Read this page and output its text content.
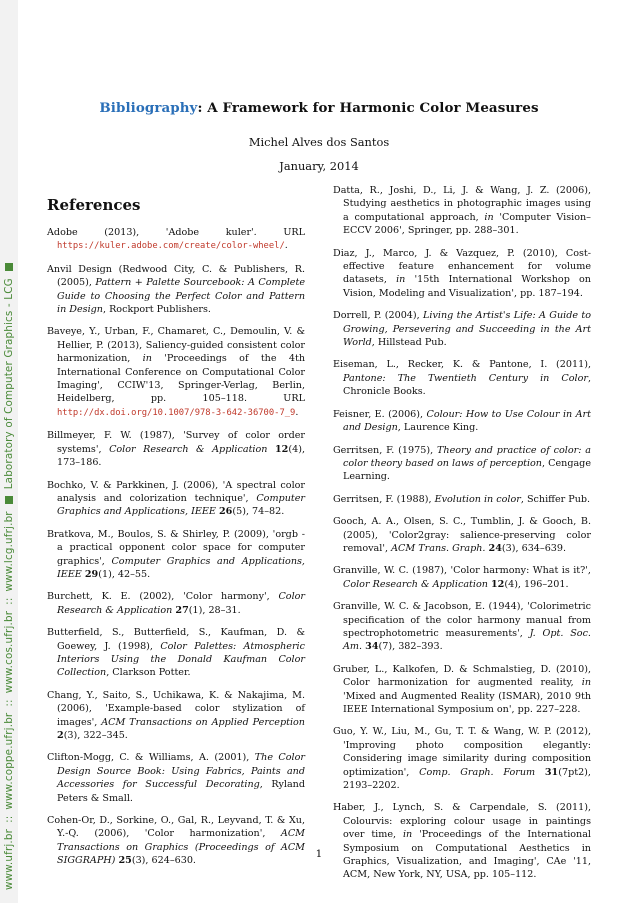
www.ufrj.br
::
www.coppe.ufrj.br
::
www.cos.ufrj.br
::
www.lcg.ufrj.br
Laboratory of Computer Graphics - LCG
Bibliography: A Framework for Harmonic Color Measures
Michel Alves dos Santos
January, 2014
References
Adobe (2013), 'Adobe kuler'. URL https://kuler.adobe.com/create/color-wheel/.
Anvil Design (Redwood City, C. & Publishers, R. (2005), Pattern + Palette Sourcebook: A Complete Guide to Choosing the Perfect Color and Pattern in Design, Rockport Publishers.
Baveye, Y., Urban, F., Chamaret, C., Demoulin, V. & Hellier, P. (2013), Saliency-guided consistent color harmonization, in 'Proceedings of the 4th International Conference on Computational Color Imaging', CCIW'13, Springer-Verlag, Berlin, Heidelberg, pp. 105–118. URL http://dx.doi.org/10.1007/978-3-642-36700-7_9.
Billmeyer, F. W. (1987), 'Survey of color order systems', Color Research & Application 12(4), 173–186.
Bochko, V. & Parkkinen, J. (2006), 'A spectral color analysis and colorization technique', Computer Graphics and Applications, IEEE 26(5), 74–82.
Bratkova, M., Boulos, S. & Shirley, P. (2009), 'orgb - a practical opponent color space for computer graphics', Computer Graphics and Applications, IEEE 29(1), 42–55.
Burchett, K. E. (2002), 'Color harmony', Color Research & Application 27(1), 28–31.
Butterfield, S., Butterfield, S., Kaufman, D. & Goewey, J. (1998), Color Palettes: Atmospheric Interiors Using the Donald Kaufman Color Collection, Clarkson Potter.
Chang, Y., Saito, S., Uchikawa, K. & Nakajima, M. (2006), 'Example-based color stylization of images', ACM Transactions on Applied Perception 2(3), 322–345.
Clifton-Mogg, C. & Williams, A. (2001), The Color Design Source Book: Using Fabrics, Paints and Accessories for Successful Decorating, Ryland Peters & Small.
Cohen-Or, D., Sorkine, O., Gal, R., Leyvand, T. & Xu, Y.-Q. (2006), 'Color harmonization', ACM Transactions on Graphics (Proceedings of ACM SIGGRAPH) 25(3), 624–630.
Datta, R., Joshi, D., Li, J. & Wang, J. Z. (2006), Studying aesthetics in photographic images using a computational approach, in 'Computer Vision–ECCV 2006', Springer, pp. 288–301.
Diaz, J., Marco, J. & Vazquez, P. (2010), Cost-effective feature enhancement for volume datasets, in '15th International Workshop on Vision, Modeling and Visualization', pp. 187–194.
Dorrell, P. (2004), Living the Artist's Life: A Guide to Growing, Persevering and Succeeding in the Art World, Hillstead Pub.
Eiseman, L., Recker, K. & Pantone, I. (2011), Pantone: The Twentieth Century in Color, Chronicle Books.
Feisner, E. (2006), Colour: How to Use Colour in Art and Design, Laurence King.
Gerritsen, F. (1975), Theory and practice of color: a color theory based on laws of perception, Cengage Learning.
Gerritsen, F. (1988), Evolution in color, Schiffer Pub.
Gooch, A. A., Olsen, S. C., Tumblin, J. & Gooch, B. (2005), 'Color2gray: salience-preserving color removal', ACM Trans. Graph. 24(3), 634–639.
Granville, W. C. (1987), 'Color harmony: What is it?', Color Research & Application 12(4), 196–201.
Granville, W. C. & Jacobson, E. (1944), 'Colorimetric specification of the color harmony manual from spectrophotometric measurements', J. Opt. Soc. Am. 34(7), 382–393.
Gruber, L., Kalkofen, D. & Schmalstieg, D. (2010), Color harmonization for augmented reality, in 'Mixed and Augmented Reality (ISMAR), 2010 9th IEEE International Symposium on', pp. 227–228.
Guo, Y. W., Liu, M., Gu, T. T. & Wang, W. P. (2012), 'Improving photo composition elegantly: Considering image similarity during composition optimization', Comp. Graph. Forum 31(7pt2), 2193–2202.
Haber, J., Lynch, S. & Carpendale, S. (2011), Colourvis: exploring colour usage in paintings over time, in 'Proceedings of the International Symposium on Computational Aesthetics in Graphics, Visualization, and Imaging', CAe '11, ACM, New York, NY, USA, pp. 105–112.
1
